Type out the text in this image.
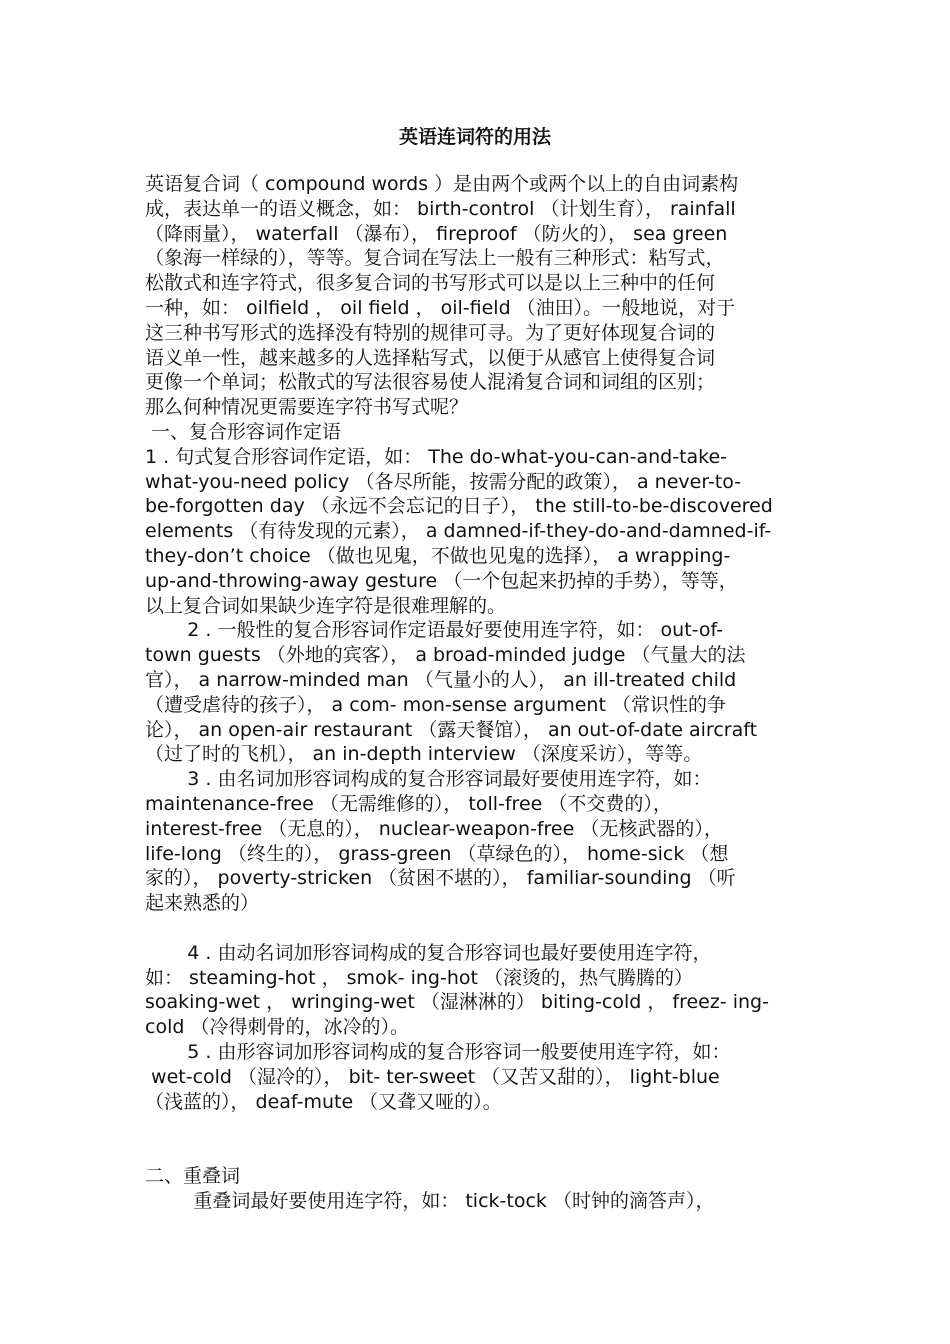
英语连词符的用法
英语复合词（ compound words ）是由两个或两个以上的自由词素构
成，表达单一的语义概念，如： birth-control （计划生育）， rainfall
（降雨量）， waterfall （瀑布）， fireproof （防火的）， sea green
（象海一样绿的），等等。复合词在写法上一般有三种形式：粘写式，
松散式和连字符式，很多复合词的书写形式可以是以上三种中的任何
一种，如： oilfield ， oil field ， oil-field （油田）。一般地说，对于
这三种书写形式的选择没有特别的规律可寻。为了更好体现复合词的
语义单一性，越来越多的人选择粘写式，以便于从感官上使得复合词
更像一个单词；松散式的写法很容易使人混淆复合词和词组的区别；
那么何种情况更需要连字符书写式呢？
一、复合形容词作定语
1 . 句式复合形容词作定语，如： The do-what-you-can-and-take-
what-you-need policy （各尽所能，按需分配的政策）， a never-to-
be-forgotten day （永远不会忘记的日子）， the still-to-be-discovered
elements （有待发现的元素）， a damned-if-they-do-and-damned-if-
they-don’t choice （做也见鬼，不做也见鬼的选择）， a wrapping-
up-and-throwing-away gesture （一个包起来扔掉的手势），等等，
以上复合词如果缺少连字符是很难理解的。
2 . 一般性的复合形容词作定语最好要使用连字符，如： out-of-
town guests （外地的宾客）， a broad-minded judge （气量大的法
官）， a narrow-minded man （气量小的人）， an ill-treated child
（遭受虐待的孩子）， a com- mon-sense argument （常识性的争
论）， an open-air restaurant （露天餐馆）， an out-of-date aircraft
（过了时的飞机）， an in-depth interview （深度采访），等等。
3 . 由名词加形容词构成的复合形容词最好要使用连字符，如：
maintenance-free （无需维修的）， toll-free （不交费的），
interest-free （无息的）， nuclear-weapon-free （无核武器的），
life-long （终生的）， grass-green （草绿色的）， home-sick （想
家的）， poverty-stricken （贫困不堪的）， familiar-sounding （听
起来熟悉的）
4 . 由动名词加形容词构成的复合形容词也最好要使用连字符，
如： steaming-hot ， smok- ing-hot （滚烫的，热气腾腾的）
soaking-wet ， wringing-wet （湿淋淋的） biting-cold ， freez- ing-
cold （冷得刺骨的，冰冷的）。
5 . 由形容词加形容词构成的复合形容词一般要使用连字符，如：
wet-cold （湿冷的）， bit- ter-sweet （又苦又甜的）， light-blue
（浅蓝的）， deaf-mute （又聋又哑的）。
二、重叠词
重叠词最好要使用连字符，如： tick-tock （时钟的滴答声），
